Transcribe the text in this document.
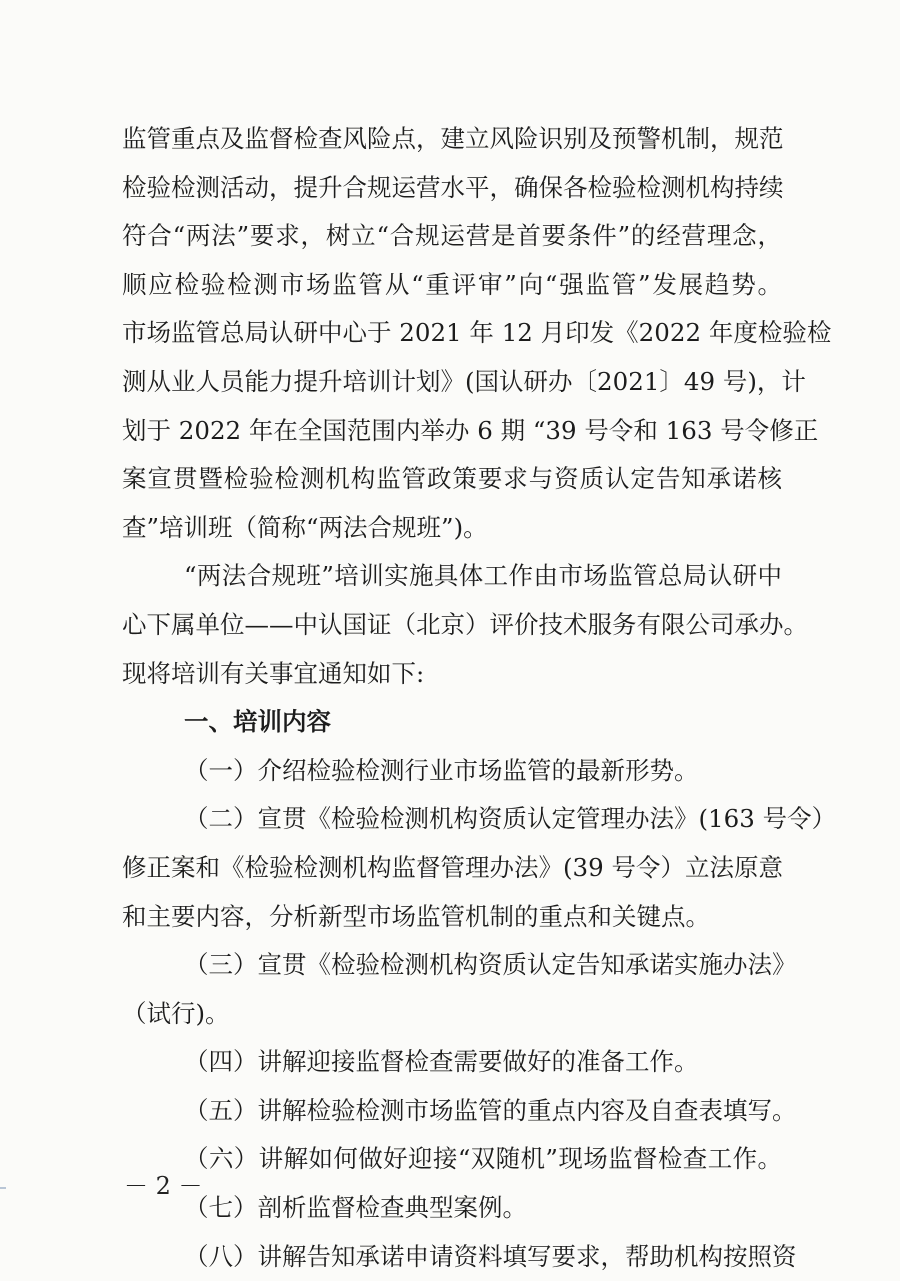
监管重点及监督检查风险点，建立风险识别及预警机制，规范
检验检测活动，提升合规运营水平，确保各检验检测机构持续
符合“两法”要求，树立“合规运营是首要条件”的经营理念，
顺应检验检测市场监管从“重评审”向“强监管”发展趋势。
市场监管总局认研中心于 2021 年 12 月印发《2022 年度检验检
测从业人员能力提升培训计划》(国认研办〔2021〕49 号)，计
划于 2022 年在全国范围内举办 6 期 “39 号令和 163 号令修正
案宣贯暨检验检测机构监管政策要求与资质认定告知承诺核
查”培训班（简称“两法合规班”)。
“两法合规班”培训实施具体工作由市场监管总局认研中
心下属单位——中认国证（北京）评价技术服务有限公司承办。
现将培训有关事宜通知如下:
一、培训内容
（一）介绍检验检测行业市场监管的最新形势。
（二）宣贯《检验检测机构资质认定管理办法》(163 号令）
修正案和《检验检测机构监督管理办法》(39 号令）立法原意
和主要内容，分析新型市场监管机制的重点和关键点。
（三）宣贯《检验检测机构资质认定告知承诺实施办法》
（试行)。
（四）讲解迎接监督检查需要做好的准备工作。
（五）讲解检验检测市场监管的重点内容及自查表填写。
（六）讲解如何做好迎接“双随机”现场监督检查工作。
（七）剖析监督检查典型案例。
（八）讲解告知承诺申请资料填写要求，帮助机构按照资
－ 2 －
